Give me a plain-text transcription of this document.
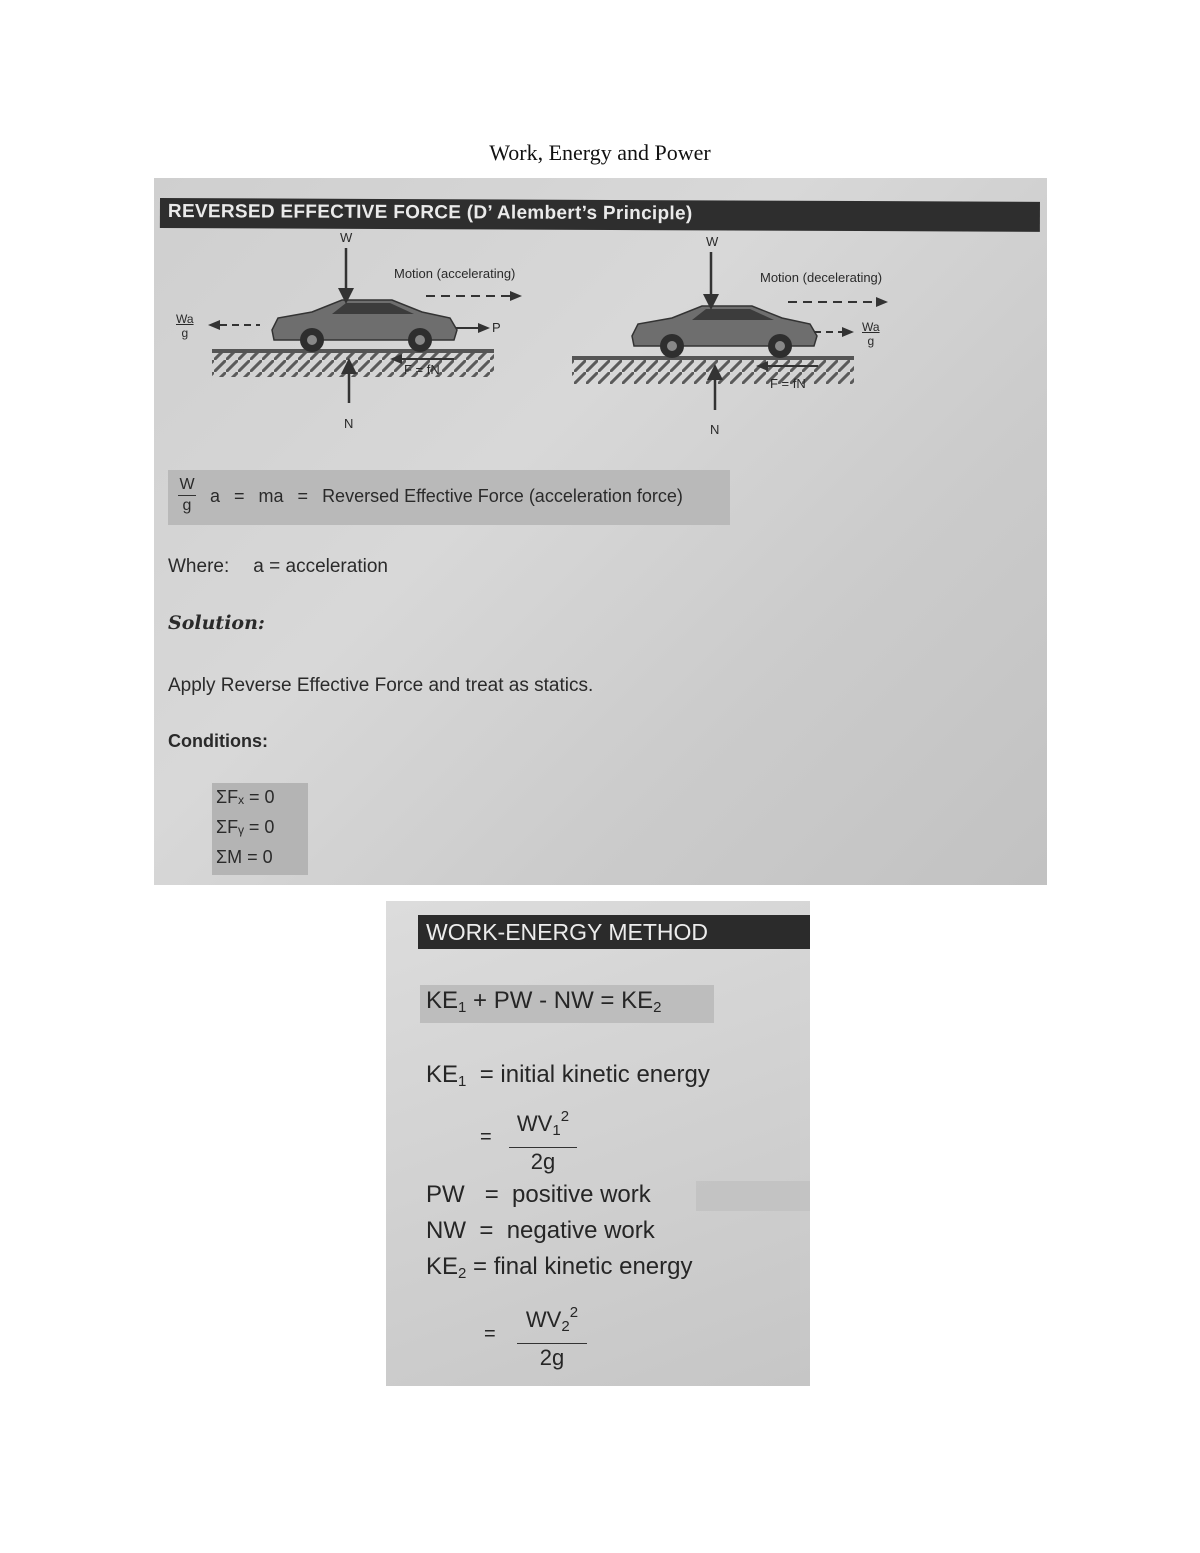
Work, Energy and Power
REVERSED EFFECTIVE FORCE (D’ Alembert’s Principle)
W
Motion (accelerating)
$\frac{Wa}{g}$	P
F = fN
N
W
Motion (decelerating)
$\frac{Wa}{g}$
F = fN
N
W
g a = ma = Reversed Effective Force (acceleration force)
Where: a = acceleration
Solution:
Apply Reverse Effective Force and treat as statics.
Conditions:
ΣFₓ = 0
ΣFᵧ = 0
ΣM = 0
WORK-ENERGY METHOD
$KE_1$ + PW - NW = $KE_2$
$KE_1$ = initial kinetic energy
=
$WV_1^2$
2g
PW = positive work
NW = negative work
$KE_2$ = final kinetic energy
=
$WV_2^2$
2g
